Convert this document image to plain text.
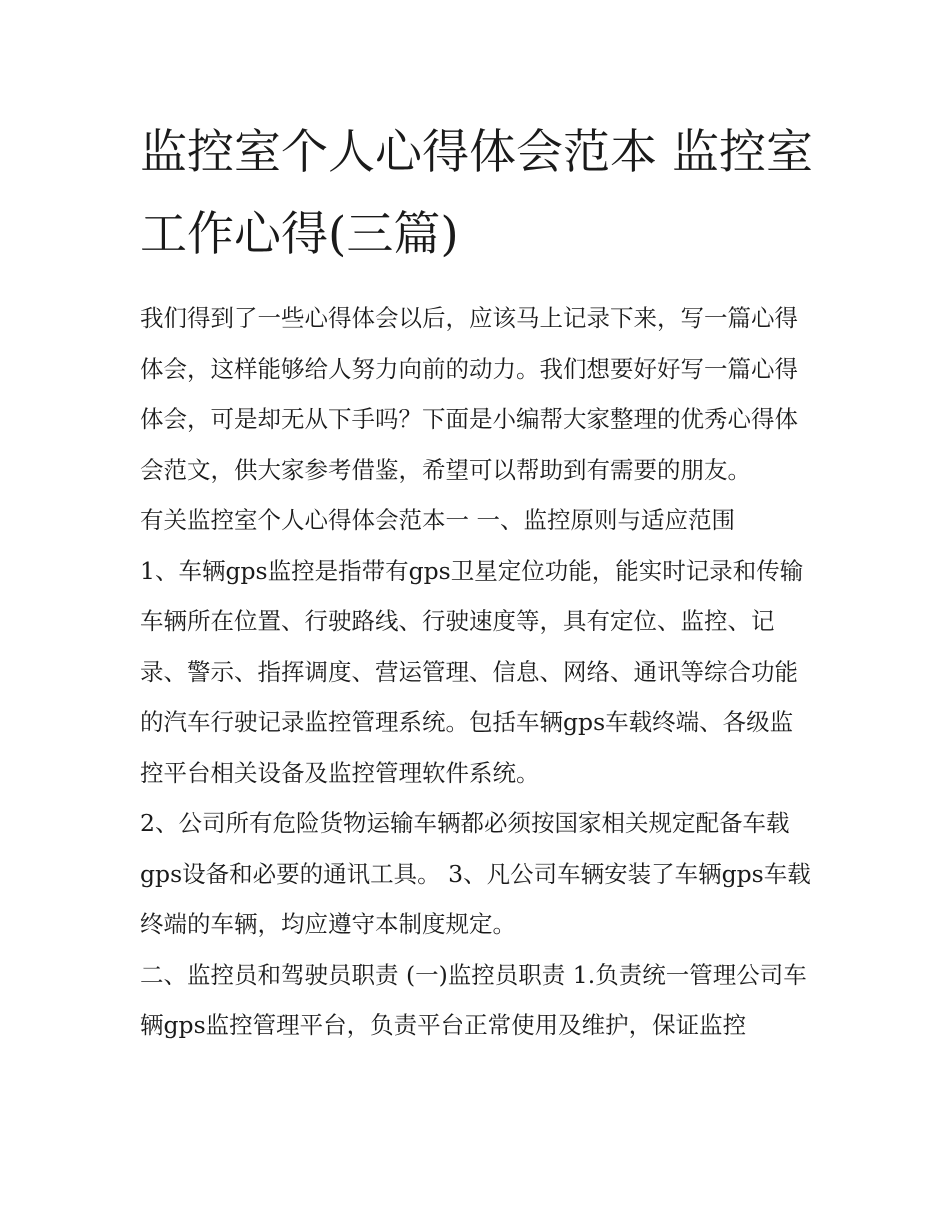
监控室个人心得体会范本 监控室工作心得(三篇)

我们得到了一些心得体会以后，应该马上记录下来，写一篇心得体会，这样能够给人努力向前的动力。我们想要好好写一篇心得体会，可是却无从下手吗？下面是小编帮大家整理的优秀心得体会范文，供大家参考借鉴，希望可以帮助到有需要的朋友。

有关监控室个人心得体会范本一 一、监控原则与适应范围

1、车辆gps监控是指带有gps卫星定位功能，能实时记录和传输车辆所在位置、行驶路线、行驶速度等，具有定位、监控、记录、警示、指挥调度、营运管理、信息、网络、通讯等综合功能的汽车行驶记录监控管理系统。包括车辆gps车载终端、各级监控平台相关设备及监控管理软件系统。

2、公司所有危险货物运输车辆都必须按国家相关规定配备车载gps设备和必要的通讯工具。 3、凡公司车辆安装了车辆gps车载终端的车辆，均应遵守本制度规定。

二、监控员和驾驶员职责 (一)监控员职责 1.负责统一管理公司车辆gps监控管理平台，负责平台正常使用及维护，保证监控
